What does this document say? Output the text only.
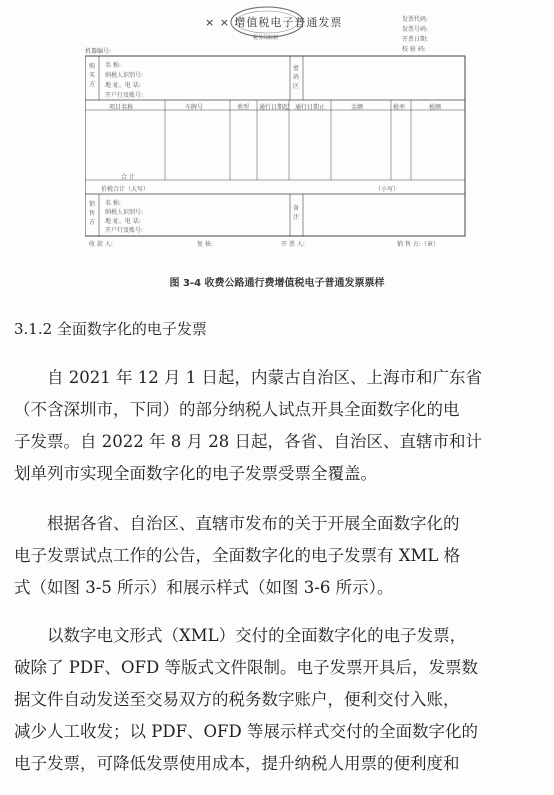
× × 增值税电子普通发票
税务局监制
发票代码:
发票号码:
开票日期:
校 验 码:
机器编号:
购买方
名 称:
纳税人识别号:
地 址、电 话:
开户行及账号:
密码区
项目名称	车牌号	类型 通行日期起 通行日期止	金额	税率	税额
合 计
价税合计（大写）	（小写）
销售方
名 称:
纳税人识别号:
地 址、电 话:
开户行及账号:
备注
收 款 人:	复 核:	开 票 人:	销 售 方:（章）
图 3-4 收费公路通行费增值税电子普通发票票样
3.1.2 全面数字化的电子发票
自 2021 年 12 月 1 日起，内蒙古自治区、上海市和广东省
（不含深圳市，下同）的部分纳税人试点开具全面数字化的电
子发票。自 2022 年 8 月 28 日起，各省、自治区、直辖市和计
划单列市实现全面数字化的电子发票受票全覆盖。
根据各省、自治区、直辖市发布的关于开展全面数字化的
电子发票试点工作的公告，全面数字化的电子发票有 XML 格
式（如图 3-5 所示）和展示样式（如图 3-6 所示）。
以数字电文形式（XML）交付的全面数字化的电子发票，
破除了 PDF、OFD 等版式文件限制。电子发票开具后，发票数
据文件自动发送至交易双方的税务数字账户，便利交付入账，
减少人工收发；以 PDF、OFD 等展示样式交付的全面数字化的
电子发票，可降低发票使用成本，提升纳税人用票的便利度和
